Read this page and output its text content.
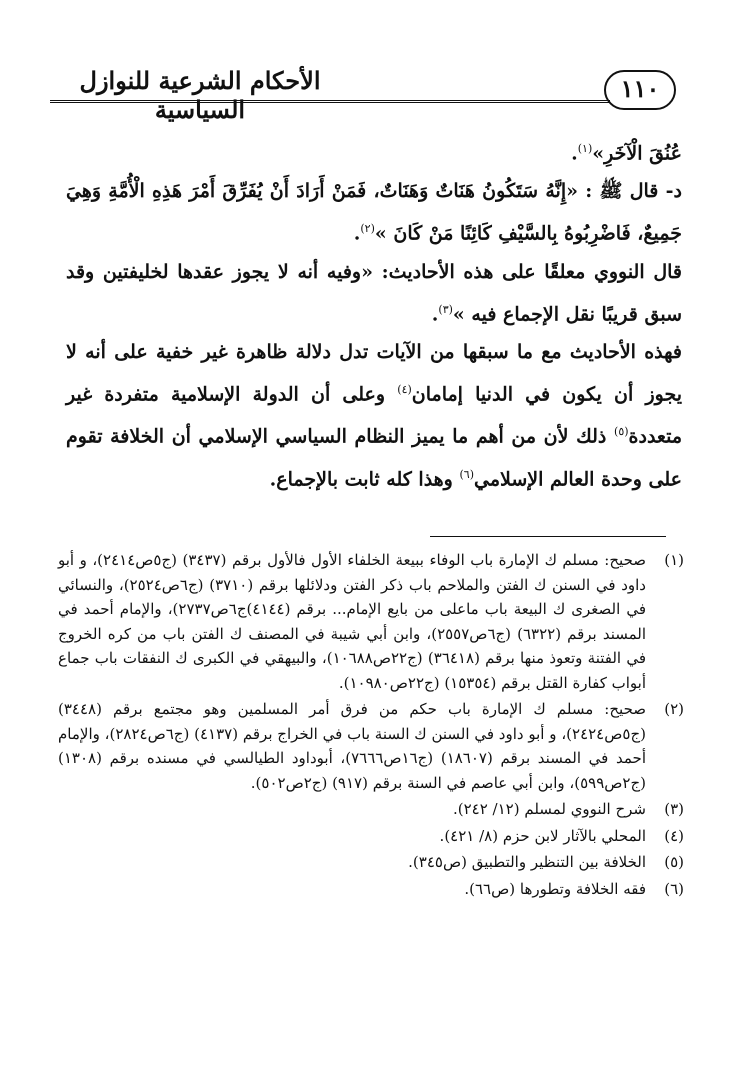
الأحكام الشرعية للنوازل السياسية
١١٠

عُنُقَ الْآخَرِ»$^{(١)}$.

د- قال ﷺ : «إِنَّهُ سَتَكُونُ هَنَاتٌ وَهَنَاتٌ، فَمَنْ أَرَادَ أَنْ يُفَرِّقَ أَمْرَ هَذِهِ الْأُمَّةِ وَهِيَ جَمِيعٌ، فَاضْرِبُوهُ بِالسَّيْفِ كَائِنًا مَنْ كَانَ »$^{(٢)}$.

قال النووي معلقًا على هذه الأحاديث: «وفيه أنه لا يجوز عقدها لخليفتين وقد سبق قريبًا نقل الإجماع فيه »$^{(٣)}$.

فهذه الأحاديث مع ما سبقها من الآيات تدل دلالة ظاهرة غير خفية على أنه لا يجوز أن يكون في الدنيا إمامان$^{(٤)}$ وعلى أن الدولة الإسلامية متفردة غير متعددة$^{(٥)}$ ذلك لأن من أهم ما يميز النظام السياسي الإسلامي أن الخلافة تقوم على وحدة العالم الإسلامي$^{(٦)}$ وهذا كله ثابت بالإجماع.

(١)
صحيح: مسلم ك الإمارة باب الوفاء ببيعة الخلفاء الأول فالأول برقم (٣٤٣٧) (ج٥ص٢٤١٤)، و أبو داود في السنن ك الفتن والملاحم باب ذكر الفتن ودلائلها برقم (٣٧١٠) (ج٦ص٢٥٢٤)، والنسائي في الصغرى ك البيعة باب ماعلى من بايع الإمام... برقم (٤١٤٤)ج٦ص٢٧٣٧)، والإمام أحمد في المسند برقم (٦٣٢٢) (ج٦ص٢٥٥٧)، وابن أبي شيبة في المصنف ك الفتن باب من كره الخروج في الفتنة وتعوذ منها برقم (٣٦٤١٨) (ج٢٢ص١٠٦٨٨)، والبيهقي في الكبرى ك النفقات باب جماع أبواب كفارة القتل برقم (١٥٣٥٤) (ج٢٢ص١٠٩٨٠).
(٢)
صحيح: مسلم ك الإمارة باب حكم من فرق أمر المسلمين وهو مجتمع برقم (٣٤٤٨) (ج٥ص٢٤٢٤)، و أبو داود في السنن ك السنة باب في الخراج برقم (٤١٣٧) (ج٦ص٢٨٢٤)، والإمام أحمد في المسند برقم (١٨٦٠٧) (ج١٦ص٧٦٦٦)، أبوداود الطيالسي في مسنده برقم (١٣٠٨) (ج٢ص٥٩٩)، وابن أبي عاصم في السنة برقم (٩١٧) (ج٢ص٥٠٢).
(٣)
شرح النووي لمسلم (١٢/ ٢٤٢).
(٤)
المحلي بالآثار لابن حزم (٨/ ٤٢١).
(٥)
الخلافة بين التنظير والتطبيق (ص٣٤٥).
(٦)
فقه الخلافة وتطورها (ص٦٦).
